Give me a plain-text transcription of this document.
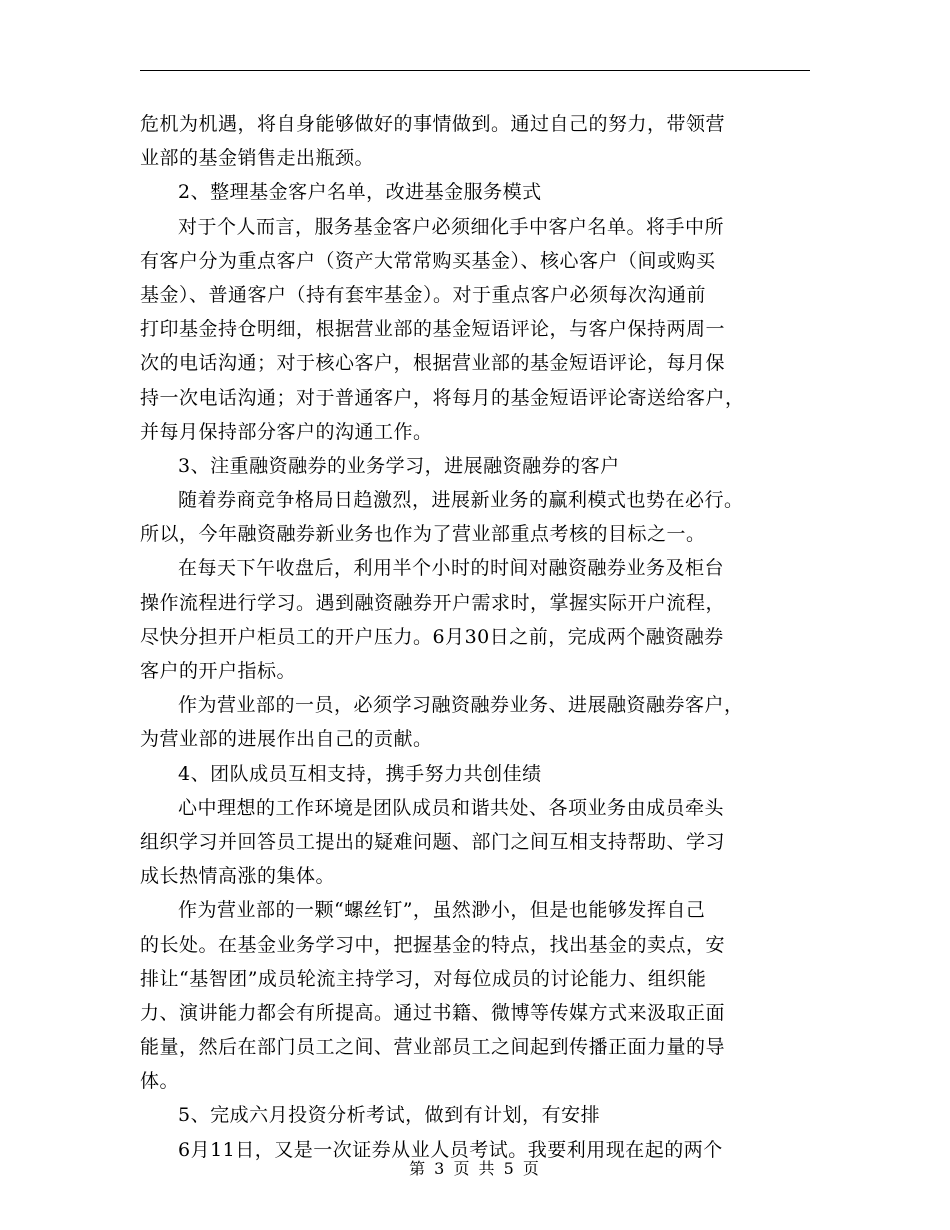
危机为机遇，将自身能够做好的事情做到。通过自己的努力，带领营
业部的基金销售走出瓶颈。
2、整理基金客户名单，改进基金服务模式
对于个人而言，服务基金客户必须细化手中客户名单。将手中所
有客户分为重点客户（资产大常常购买基金）、核心客户（间或购买
基金）、普通客户（持有套牢基金）。对于重点客户必须每次沟通前
打印基金持仓明细，根据营业部的基金短语评论，与客户保持两周一
次的电话沟通；对于核心客户，根据营业部的基金短语评论，每月保
持一次电话沟通；对于普通客户，将每月的基金短语评论寄送给客户，
并每月保持部分客户的沟通工作。
3、注重融资融券的业务学习，进展融资融券的客户
随着券商竞争格局日趋激烈，进展新业务的赢利模式也势在必行。
所以，今年融资融券新业务也作为了营业部重点考核的目标之一。
在每天下午收盘后，利用半个小时的时间对融资融券业务及柜台
操作流程进行学习。遇到融资融券开户需求时，掌握实际开户流程，
尽快分担开户柜员工的开户压力。6月30日之前，完成两个融资融券
客户的开户指标。
作为营业部的一员，必须学习融资融券业务、进展融资融券客户，
为营业部的进展作出自己的贡献。
4、团队成员互相支持，携手努力共创佳绩
心中理想的工作环境是团队成员和谐共处、各项业务由成员牵头
组织学习并回答员工提出的疑难问题、部门之间互相支持帮助、学习
成长热情高涨的集体。
作为营业部的一颗“螺丝钉”，虽然渺小，但是也能够发挥自己
的长处。在基金业务学习中，把握基金的特点，找出基金的卖点，安
排让“基智团”成员轮流主持学习，对每位成员的讨论能力、组织能
力、演讲能力都会有所提高。通过书籍、微博等传媒方式来汲取正面
能量，然后在部门员工之间、营业部员工之间起到传播正面力量的导
体。
5、完成六月投资分析考试，做到有计划，有安排
6月11日，又是一次证券从业人员考试。我要利用现在起的两个
第 3 页 共 5 页
